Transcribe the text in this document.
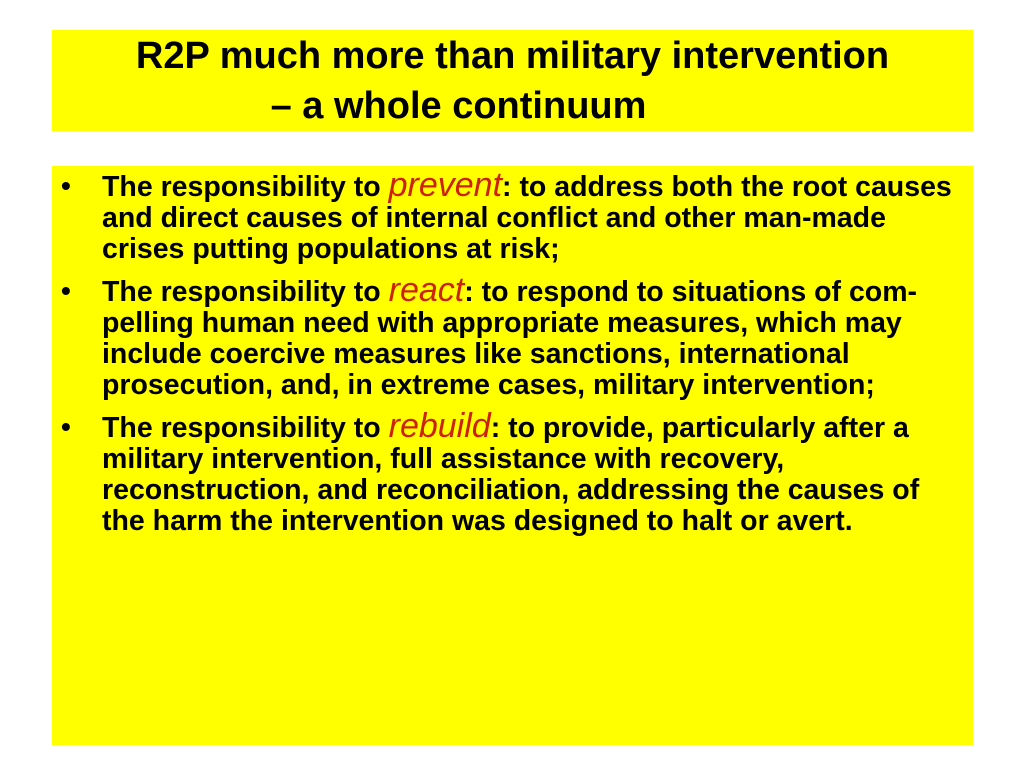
R2P much more than military intervention
– a whole continuum
• The responsibility to prevent: to address both the root causes and direct causes of internal conflict and other man-made crises putting populations at risk;
• The responsibility to react: to respond to situations of com- pelling human need with appropriate measures, which may include coercive measures like sanctions, international prosecution, and, in extreme cases, military intervention;
• The responsibility to rebuild: to provide, particularly after a military intervention, full assistance with recovery, reconstruction, and reconciliation, addressing the causes of the harm the intervention was designed to halt or avert.
